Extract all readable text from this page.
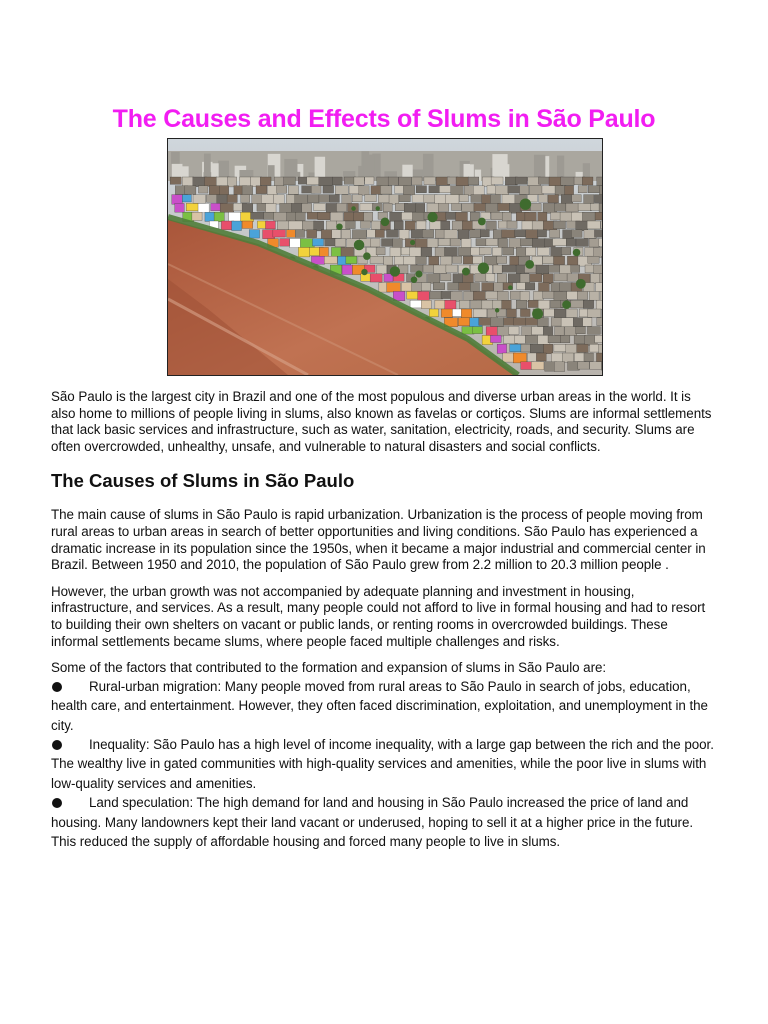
The Causes and Effects of Slums in São Paulo

São Paulo is the largest city in Brazil and one of the most populous and diverse urban areas in the world. It is also home to millions of people living in slums, also known as favelas or cortiços. Slums are informal settlements that lack basic services and infrastructure, such as water, sanitation, electricity, roads, and security. Slums are often overcrowded, unhealthy, unsafe, and vulnerable to natural disasters and social conflicts.

The Causes of Slums in São Paulo

The main cause of slums in São Paulo is rapid urbanization. Urbanization is the process of people moving from rural areas to urban areas in search of better opportunities and living conditions. São Paulo has experienced a dramatic increase in its population since the 1950s, when it became a major industrial and commercial center in Brazil. Between 1950 and 2010, the population of São Paulo grew from 2.2 million to 20.3 million people .

However, the urban growth was not accompanied by adequate planning and investment in housing, infrastructure, and services. As a result, many people could not afford to live in formal housing and had to resort to building their own shelters on vacant or public lands, or renting rooms in overcrowded buildings. These informal settlements became slums, where people faced multiple challenges and risks.

Some of the factors that contributed to the formation and expansion of slums in São Paulo are:

Rural-urban migration: Many people moved from rural areas to São Paulo in search of jobs, education, health care, and entertainment. However, they often faced discrimination, exploitation, and unemployment in the city.
Inequality: São Paulo has a high level of income inequality, with a large gap between the rich and the poor. The wealthy live in gated communities with high-quality services and amenities, while the poor live in slums with low-quality services and amenities.
Land speculation: The high demand for land and housing in São Paulo increased the price of land and housing. Many landowners kept their land vacant or underused, hoping to sell it at a higher price in the future. This reduced the supply of affordable housing and forced many people to live in slums.
